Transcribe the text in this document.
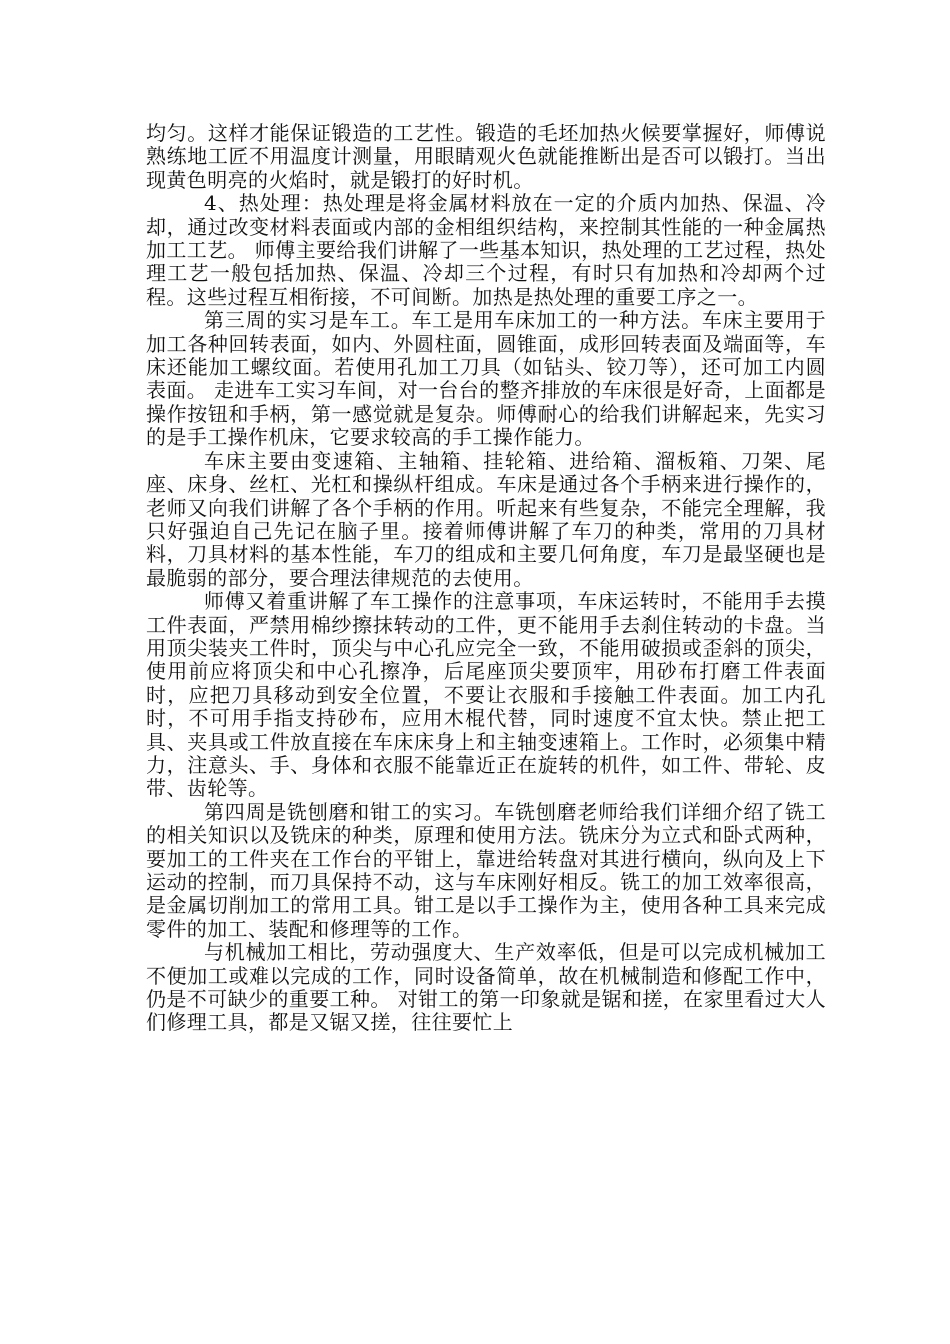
均匀。这样才能保证锻造的工艺性。锻造的毛坯加热火候要掌握好，师傅说熟练地工匠不用温度计测量，用眼睛观火色就能推断出是否可以锻打。当出现黄色明亮的火焰时，就是锻打的好时机。

4、热处理：热处理是将金属材料放在一定的介质内加热、保温、冷却，通过改变材料表面或内部的金相组织结构，来控制其性能的一种金属热加工工艺。 师傅主要给我们讲解了一些基本知识，热处理的工艺过程，热处理工艺一般包括加热、保温、冷却三个过程，有时只有加热和冷却两个过程。这些过程互相衔接，不可间断。加热是热处理的重要工序之一。

第三周的实习是车工。车工是用车床加工的一种方法。车床主要用于加工各种回转表面，如内、外圆柱面，圆锥面，成形回转表面及端面等，车床还能加工螺纹面。若使用孔加工刀具（如钻头、铰刀等），还可加工内圆表面。 走进车工实习车间，对一台台的整齐排放的车床很是好奇，上面都是操作按钮和手柄，第一感觉就是复杂。师傅耐心的给我们讲解起来，先实习的是手工操作机床，它要求较高的手工操作能力。

车床主要由变速箱、主轴箱、挂轮箱、进给箱、溜板箱、刀架、尾座、床身、丝杠、光杠和操纵杆组成。车床是通过各个手柄来进行操作的，老师又向我们讲解了各个手柄的作用。听起来有些复杂，不能完全理解，我只好强迫自己先记在脑子里。接着师傅讲解了车刀的种类，常用的刀具材料，刀具材料的基本性能，车刀的组成和主要几何角度，车刀是最坚硬也是最脆弱的部分，要合理法律规范的去使用。

师傅又着重讲解了车工操作的注意事项，车床运转时，不能用手去摸工件表面，严禁用棉纱擦抹转动的工件，更不能用手去刹住转动的卡盘。当用顶尖装夹工件时，顶尖与中心孔应完全一致，不能用破损或歪斜的顶尖，使用前应将顶尖和中心孔擦净，后尾座顶尖要顶牢，用砂布打磨工件表面时，应把刀具移动到安全位置，不要让衣服和手接触工件表面。加工内孔时，不可用手指支持砂布，应用木棍代替，同时速度不宜太快。禁止把工具、夹具或工件放直接在车床床身上和主轴变速箱上。工作时，必须集中精力，注意头、手、身体和衣服不能靠近正在旋转的机件，如工件、带轮、皮带、齿轮等。

第四周是铣刨磨和钳工的实习。车铣刨磨老师给我们详细介绍了铣工的相关知识以及铣床的种类，原理和使用方法。铣床分为立式和卧式两种，要加工的工件夹在工作台的平钳上，靠进给转盘对其进行横向，纵向及上下运动的控制，而刀具保持不动，这与车床刚好相反。铣工的加工效率很高，是金属切削加工的常用工具。钳工是以手工操作为主，使用各种工具来完成零件的加工、装配和修理等的工作。

与机械加工相比，劳动强度大、生产效率低，但是可以完成机械加工不便加工或难以完成的工作，同时设备简单，故在机械制造和修配工作中，仍是不可缺少的重要工种。 对钳工的第一印象就是锯和搓，在家里看过大人们修理工具，都是又锯又搓，往往要忙上
